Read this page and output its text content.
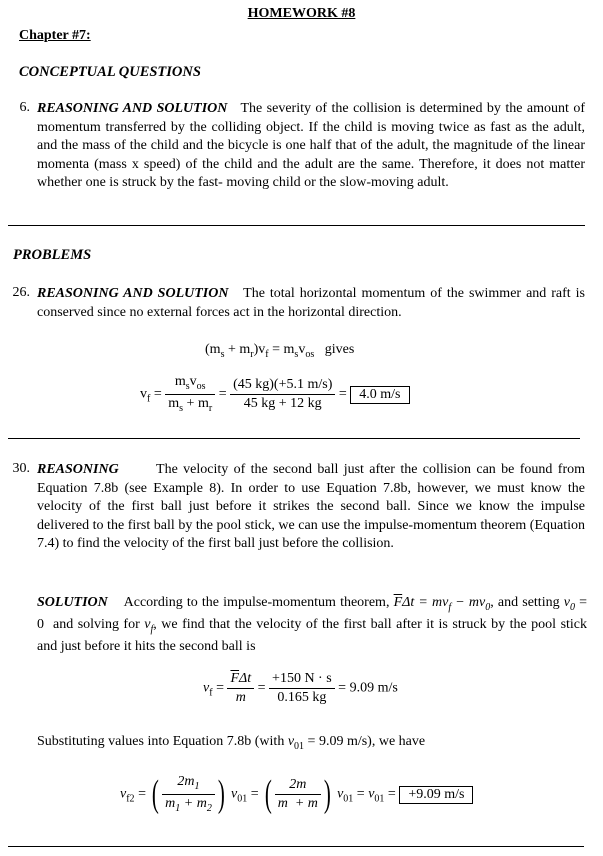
HOMEWORK #8
Chapter #7:
CONCEPTUAL QUESTIONS
6. REASONING AND SOLUTION The severity of the collision is determined by the amount of momentum transferred by the colliding object. If the child is moving twice as fast as the adult, and the mass of the child and the bicycle is one half that of the adult, the magnitude of the linear momenta (mass x speed) of the child and the adult are the same. Therefore, it does not matter whether one is struck by the fast- moving child or the slow-moving adult.
PROBLEMS
26. REASONING AND SOLUTION The total horizontal momentum of the swimmer and raft is conserved since no external forces act in the horizontal direction.
$(m_s + m_r)v_f = m_sv_{os}$ gives
$v_f = \frac{m_sv_{os}}{m_s + m_r} = \frac{(45 kg)(+5.1 m/s)}{45 kg + 12 kg} = 4.0$ m/s
30. REASONING	The velocity of the second ball just after the collision can be found from Equation 7.8b (see Example 8). In order to use Equation 7.8b, however, we must know the velocity of the first ball just before it strikes the second ball. Since we know the impulse delivered to the first ball by the pool stick, we can use the impulse-momentum theorem (Equation 7.4) to find the velocity of the first ball just before the collision.
SOLUTION According to the impulse-momentum theorem, $\overline{F}\Delta t = mv_f - mv_0$, and setting $v_0 = 0$  and solving for $v_f$, we find that the velocity of the first ball after it is struck by the pool stick and just before it hits the second ball is
$v_f = \frac{\overline{F}\Delta t}{m} = \frac{+150 N \cdot s}{0.165 kg} = 9.09$ m/s
Substituting values into Equation 7.8b (with $v_{01} = 9.09$ m/s), we have
$v_{f2}$ = ( $\frac{2m_1}{m_1 + m_2}$ ) $v_{01}$ = ( $\frac{2m}{m + m}$ ) $v_{01} = v_{01} = +9.09$ m/s
